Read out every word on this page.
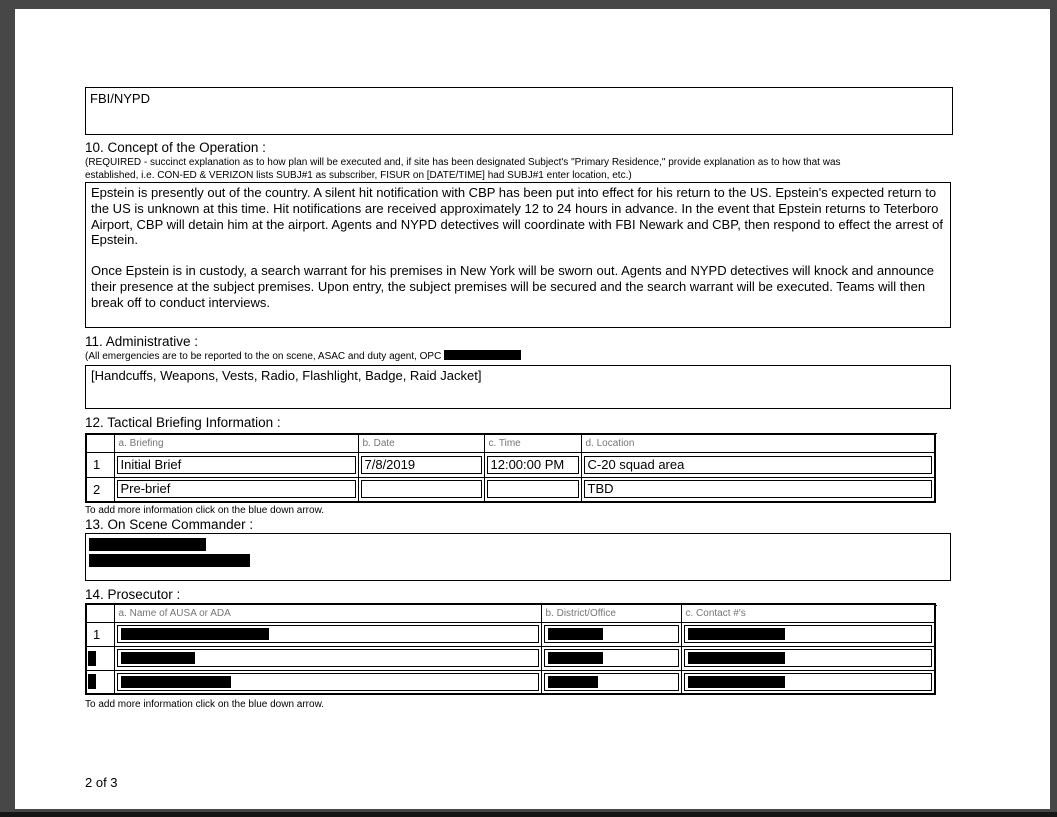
FBI/NYPD
10. Concept of the Operation :
(REQUIRED - succinct explanation as to how plan will be executed and, if site has been designated Subject's "Primary Residence," provide explanation as to how that was
established, i.e. CON-ED & VERIZON lists SUBJ#1 as subscriber, FISUR on [DATE/TIME] had SUBJ#1 enter location, etc.)
Epstein is presently out of the country. A silent hit notification with CBP has been put into effect for his return to the US. Epstein's expected return to the US is unknown at this time. Hit notifications are received approximately 12 to 24 hours in advance. In the event that Epstein returns to Teterboro Airport, CBP will detain him at the airport. Agents and NYPD detectives will coordinate with FBI Newark and CBP, then respond to effect the arrest of Epstein.
Once Epstein is in custody, a search warrant for his premises in New York will be sworn out. Agents and NYPD detectives will knock and announce their presence at the subject premises. Upon entry, the subject premises will be secured and the search warrant will be executed. Teams will then break off to conduct interviews.
11. Administrative :
(All emergencies are to be reported to the on scene, ASAC and duty agent, OPC
[Handcuffs, Weapons, Vests, Radio, Flashlight, Badge, Raid Jacket]
12. Tactical Briefing Information :
	a. Briefing	b. Date	c. Time	d. Location
1	Initial Brief	7/8/2019	12:00:00 PM	C-20 squad area

2	Pre-brief			TBD
To add more information click on the blue down arrow.
13. On Scene Commander :
14. Prosecutor :
	a. Name of AUSA or ADA	b. District/Office	c. Contact #'s
1	

To add more information click on the blue down arrow.
2 of 3
